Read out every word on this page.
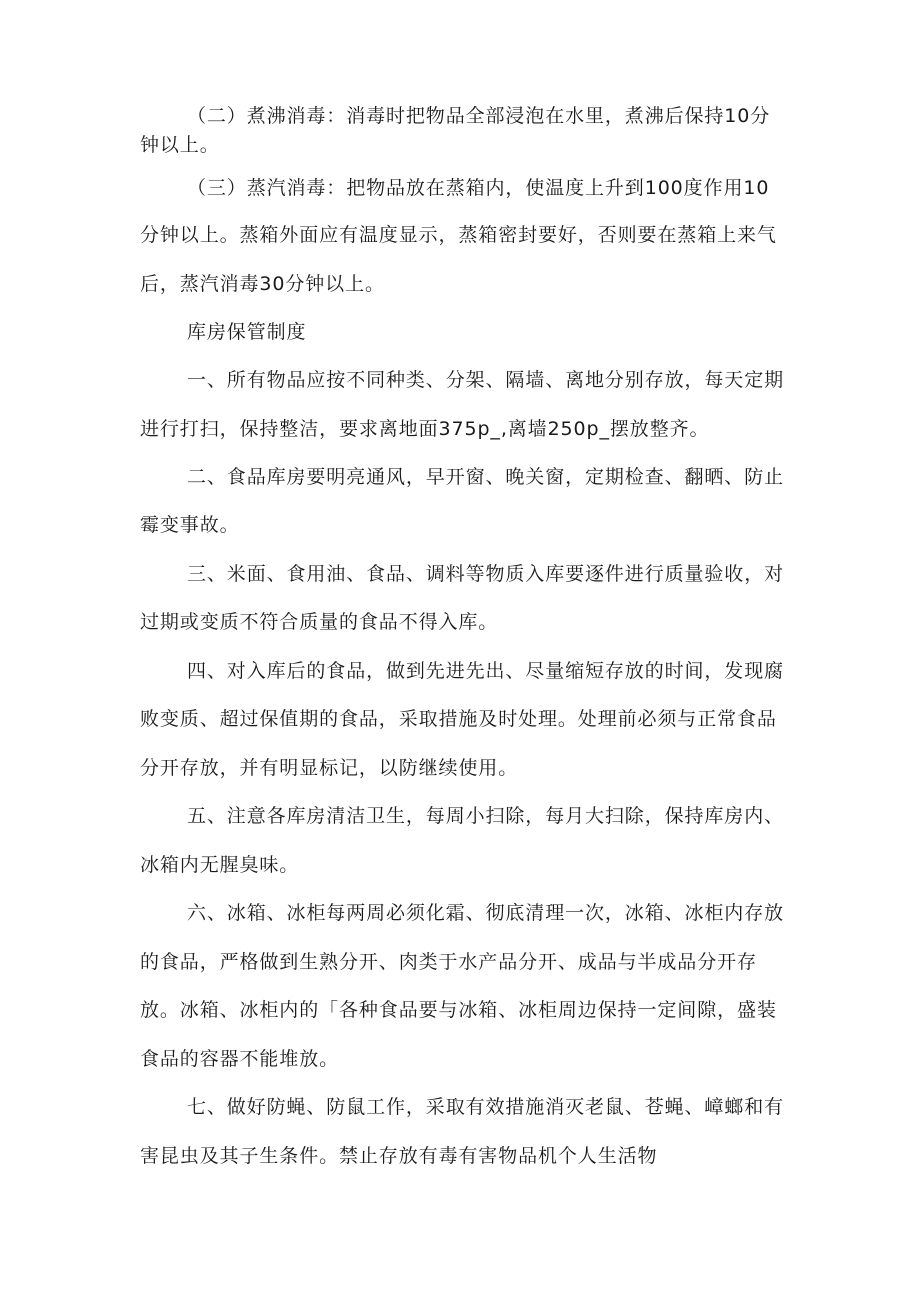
（二）煮沸消毒：消毒时把物品全部浸泡在水里，煮沸后保持10分
钟以上。
（三）蒸汽消毒：把物品放在蒸箱内，使温度上升到100度作用10
分钟以上。蒸箱外面应有温度显示，蒸箱密封要好，否则要在蒸箱上来气
后，蒸汽消毒30分钟以上。
库房保管制度
一、所有物品应按不同种类、分架、隔墙、离地分别存放，每天定期
进行打扫，保持整洁，要求离地面375p_,离墙250p_摆放整齐。
二、食品库房要明亮通风，早开窗、晚关窗，定期检查、翻晒、防止
霉变事故。
三、米面、食用油、食品、调料等物质入库要逐件进行质量验收，对
过期或变质不符合质量的食品不得入库。
四、对入库后的食品，做到先进先出、尽量缩短存放的时间，发现腐
败变质、超过保值期的食品，采取措施及时处理。处理前必须与正常食品
分开存放，并有明显标记，以防继续使用。
五、注意各库房清洁卫生，每周小扫除，每月大扫除，保持库房内、
冰箱内无腥臭味。
六、冰箱、冰柜每两周必须化霜、彻底清理一次，冰箱、冰柜内存放
的食品，严格做到生熟分开、肉类于水产品分开、成品与半成品分开存
放。冰箱、冰柜内的「各种食品要与冰箱、冰柜周边保持一定间隙，盛装
食品的容器不能堆放。
七、做好防蝇、防鼠工作，采取有效措施消灭老鼠、苍蝇、嶂螂和有
害昆虫及其子生条件。禁止存放有毒有害物品机个人生活物
